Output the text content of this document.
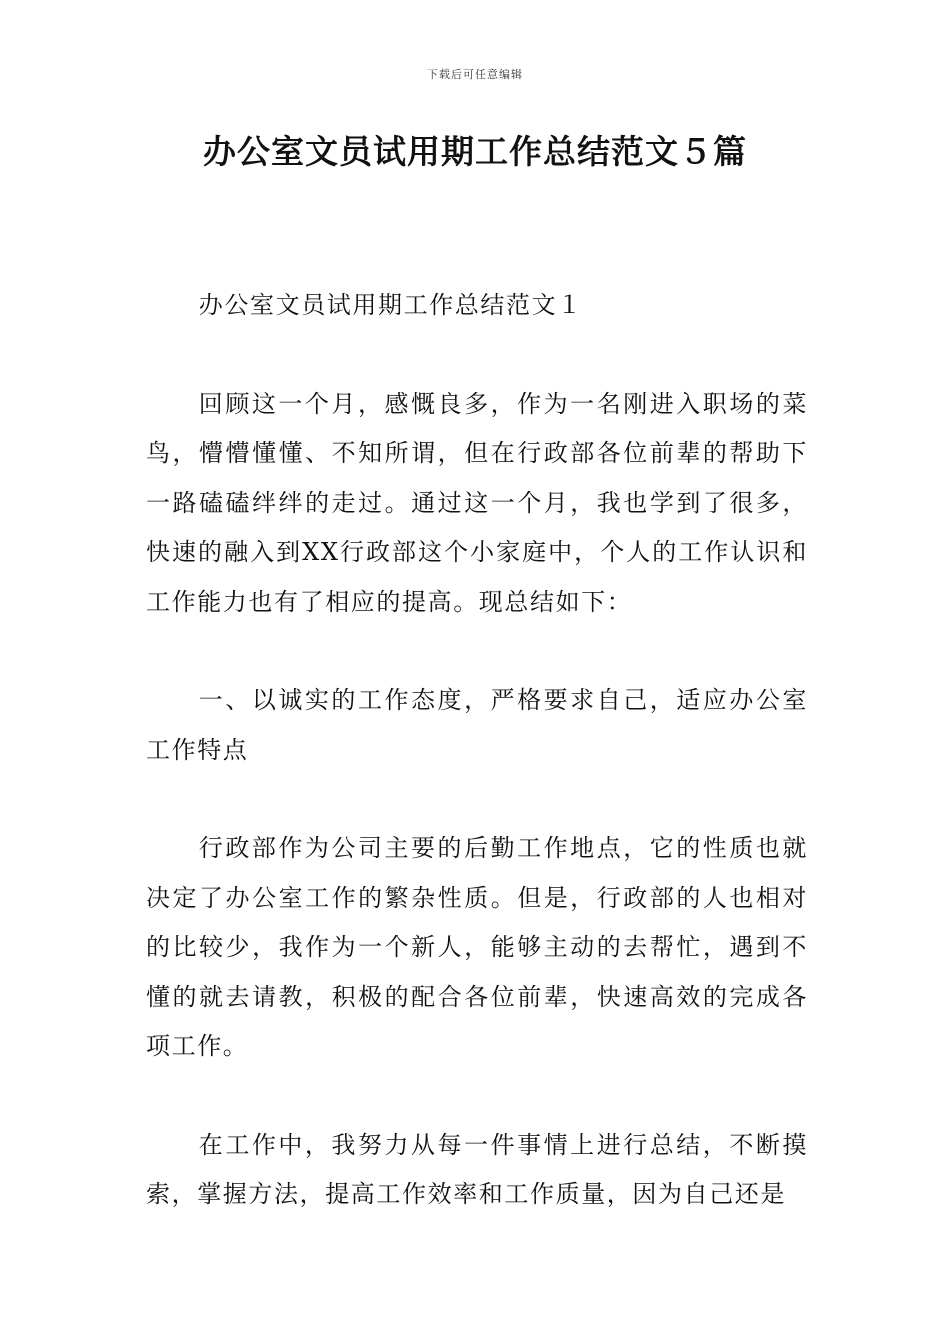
下载后可任意编辑
办公室文员试用期工作总结范文５篇

办公室文员试用期工作总结范文１

回顾这一个月，感慨良多，作为一名刚进入职场的菜鸟，懵懵懂懂、不知所谓，但在行政部各位前辈的帮助下一路磕磕绊绊的走过。通过这一个月，我也学到了很多，快速的融入到XX行政部这个小家庭中，个人的工作认识和工作能力也有了相应的提高。现总结如下：

一、以诚实的工作态度，严格要求自己，适应办公室工作特点

行政部作为公司主要的后勤工作地点，它的性质也就决定了办公室工作的繁杂性质。但是，行政部的人也相对的比较少，我作为一个新人，能够主动的去帮忙，遇到不懂的就去请教，积极的配合各位前辈，快速高效的完成各项工作。

在工作中，我努力从每一件事情上进行总结，不断摸索，掌握方法，提高工作效率和工作质量，因为自己还是
